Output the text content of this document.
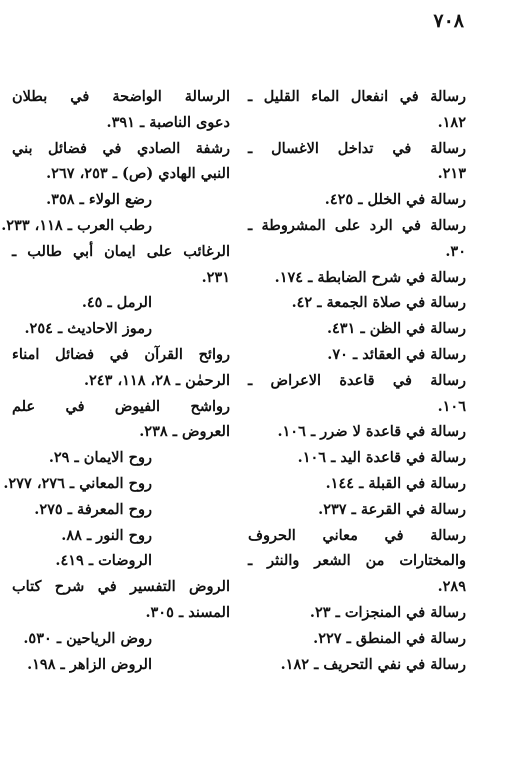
٧٠٨
رسالة في انفعال الماء القليل ـ
١٨٢.
رسالة في تداخل الاغسال ـ
٢١٣.
رسالة في الخلل ـ ٤٢٥.
رسالة في الرد على المشروطة ـ
٣٠.
رسالة في شرح الضابطة ـ ١٧٤.
رسالة في صلاة الجمعة ـ ٤٢.
رسالة في الظن ـ ٤٣١.
رسالة في العقائد ـ ٧٠.
رسالة في قاعدة الاعراض ـ
١٠٦.
رسالة في قاعدة لا ضرر ـ ١٠٦.
رسالة في قاعدة اليد ـ ١٠٦.
رسالة في القبلة ـ ١٤٤.
رسالة في القرعة ـ ٢٣٧.
رسالة في معاني الحروف
والمختارات من الشعر والنثر ـ
٢٨٩.
رسالة في المنجزات ـ ٢٣.
رسالة في المنطق ـ ٢٢٧.
رسالة في نفي التحريف ـ ١٨٢.
الرسالة الواضحة في بطلان
دعوى الناصبة ـ ٣٩١.
رشفة الصادي في فضائل بني
النبي الهادي (ص) ـ ٢٥٣، ٢٦٧.
رضع الولاء ـ ٣٥٨.
رطب العرب ـ ١١٨، ٢٣٣.
الرغائب على ايمان أبي طالب ـ
٢٣١.
الرمل ـ ٤٥.
رموز الاحاديث ـ ٢٥٤.
روائح القرآن في فضائل امناء
الرحمٰن ـ ٢٨، ١١٨، ٢٤٣.
رواشح الفيوض في علم
العروض ـ ٢٣٨.
روح الايمان ـ ٢٩.
روح المعاني ـ ٢٧٦، ٢٧٧.
روح المعرفة ـ ٢٧٥.
روح النور ـ ٨٨.
الروضات ـ ٤١٩.
الروض التفسير في شرح كتاب
المسند ـ ٣٠٥.
روض الرياحين ـ ٥٣٠.
الروض الزاهر ـ ١٩٨.
